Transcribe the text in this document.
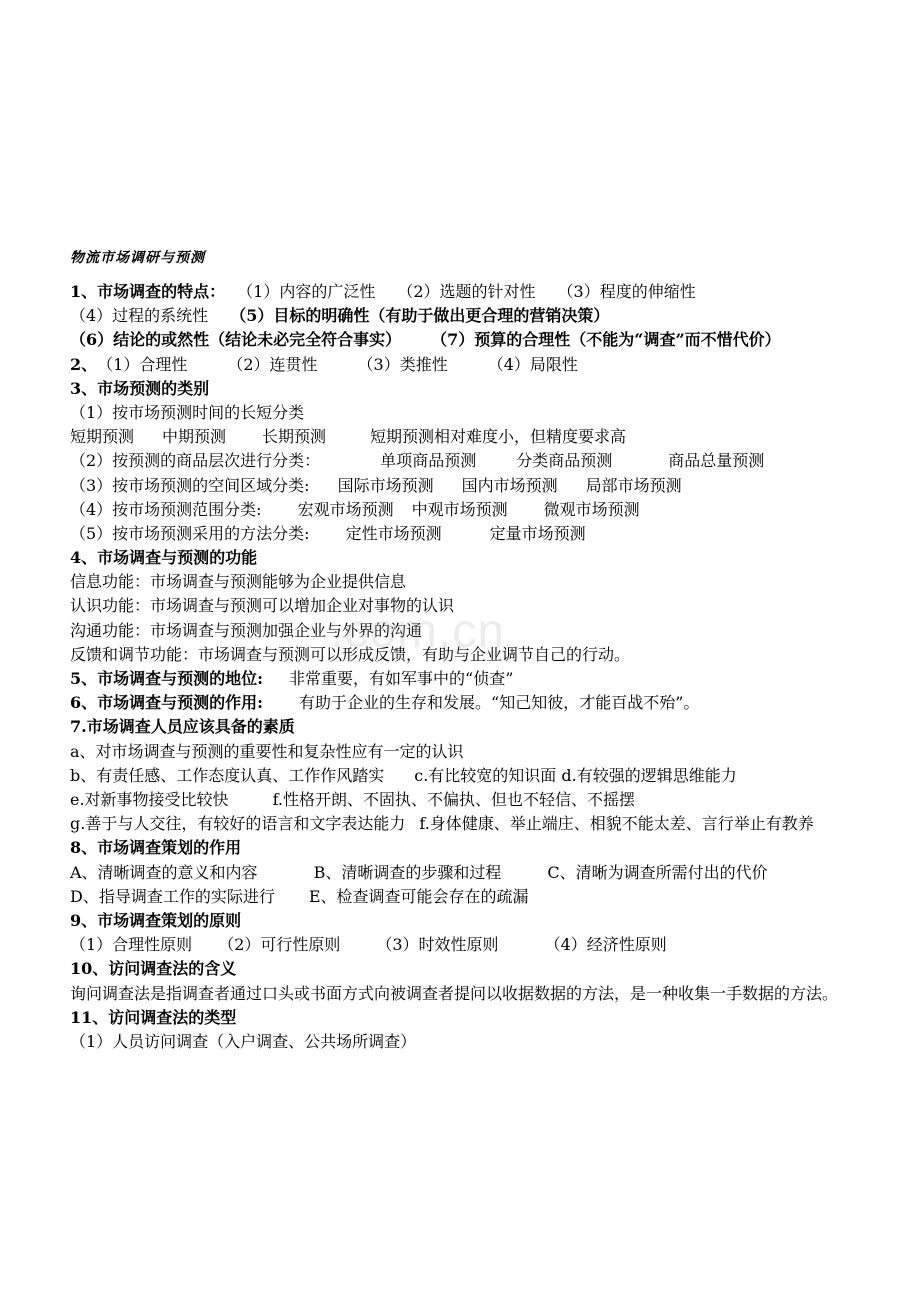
物流市场调研与预测
1、市场调查的特点： （1）内容的广泛性 （2）选题的针对性 （3）程度的伸缩性
（4）过程的系统性 （5）目标的明确性（有助于做出更合理的营销决策）
（6）结论的或然性（结论未必完全符合事实） （7）预算的合理性（不能为“调查”而不惜代价）
2、（1）合理性	（2）连贯性	（3）类推性	（4）局限性
3、市场预测的类别
（1）按市场预测时间的长短分类
短期预测 中期预测 长期预测	短期预测相对难度小，但精度要求高
（2）按预测的商品层次进行分类：	单项商品预测	分类商品预测	商品总量预测
（3）按市场预测的空间区域分类: 国际市场预测 国内市场预测 局部市场预测
（4）按市场预测范围分类: 宏观市场预测 中观市场预测 微观市场预测
（5）按市场预测采用的方法分类: 定性市场预测	定量市场预测
4、市场调查与预测的功能
信息功能：市场调查与预测能够为企业提供信息
认识功能：市场调查与预测可以增加企业对事物的认识
沟通功能：市场调查与预测加强企业与外界的沟通
反馈和调节功能：市场调查与预测可以形成反馈，有助与企业调节自己的行动。
5、市场调查与预测的地位: 非常重要，有如军事中的“侦查”
6、市场调查与预测的作用: 有助于企业的生存和发展。“知己知彼，才能百战不殆”。
7.市场调查人员应该具备的素质
a、对市场调查与预测的重要性和复杂性应有一定的认识
b、有责任感、工作态度认真、工作作风踏实 c.有比较宽的知识面 d.有较强的逻辑思维能力
e.对新事物接受比较快	f.性格开朗、不固执、不偏执、但也不轻信、不摇摆
g.善于与人交往，有较好的语言和文字表达能力 f.身体健康、举止端庄、相貌不能太差、言行举止有教养
8、市场调查策划的作用
A、清晰调查的意义和内容	B、清晰调查的步骤和过程	C、清晰为调查所需付出的代价
D、指导调查工作的实际进行 E、检查调查可能会存在的疏漏
9、市场调查策划的原则
（1）合理性原则 （2）可行性原则 （3）时效性原则	（4）经济性原则
10、访问调查法的含义
询问调查法是指调查者通过口头或书面方式向被调查者提问以收据数据的方法，是一种收集一手数据的方法。
11、访问调查法的类型
（1）人员访问调查（入户调查、公共场所调查）
.com.cn
